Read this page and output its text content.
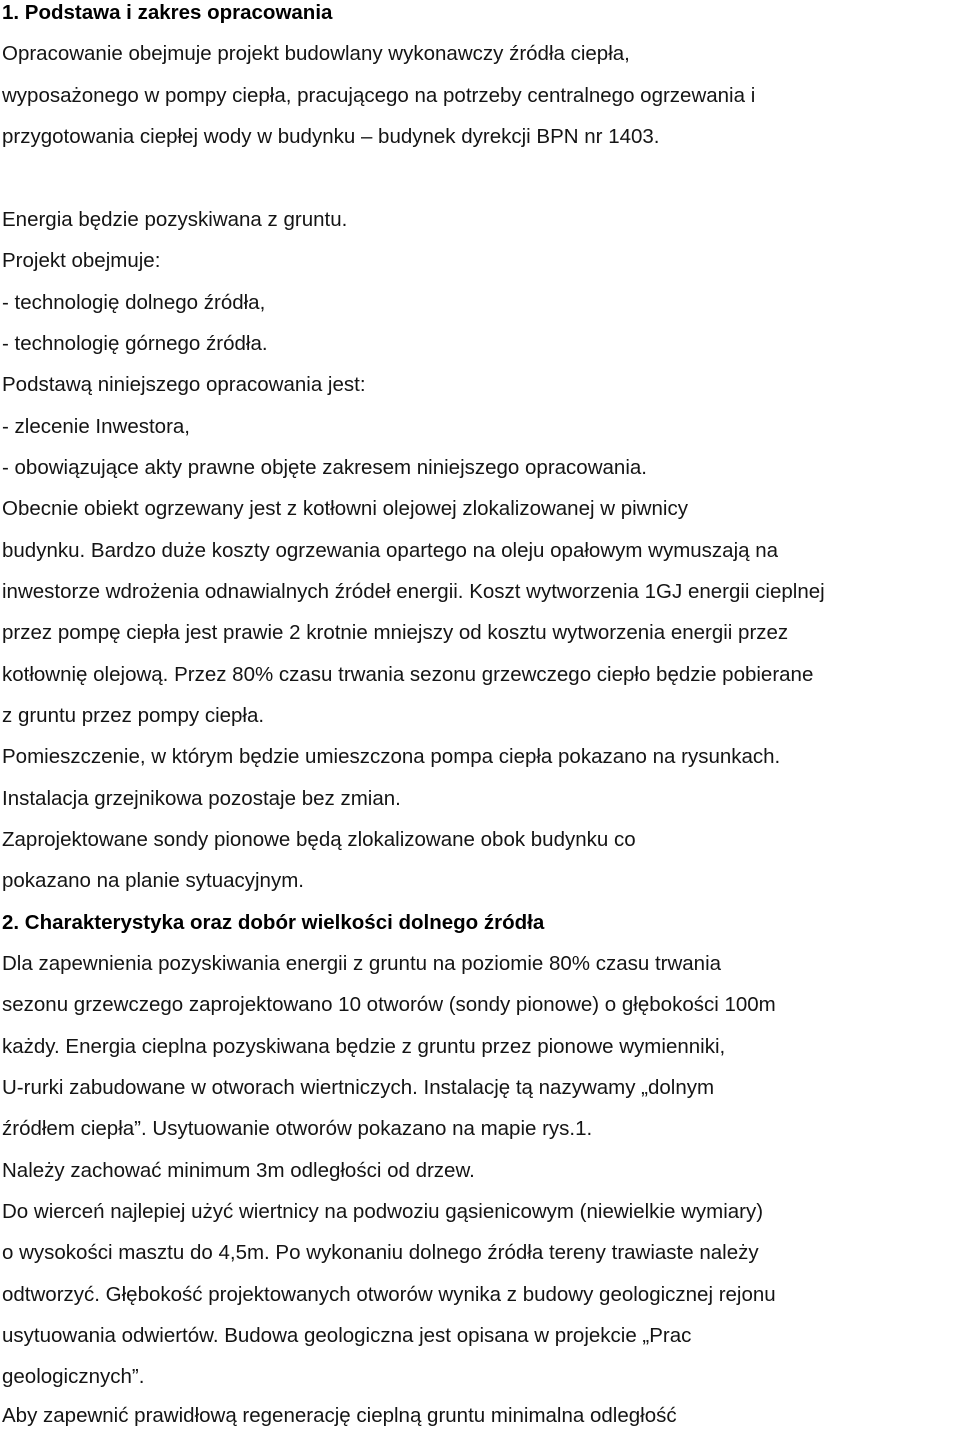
1. Podstawa i zakres opracowania
Opracowanie obejmuje projekt budowlany wykonawczy źródła ciepła,
wyposażonego w pompy ciepła, pracującego na potrzeby centralnego ogrzewania i
przygotowania ciepłej wody w budynku – budynek dyrekcji BPN nr 1403.
Energia będzie pozyskiwana z gruntu.
Projekt obejmuje:
- technologię dolnego źródła,
- technologię górnego źródła.
Podstawą niniejszego opracowania jest:
- zlecenie Inwestora,
- obowiązujące akty prawne objęte zakresem niniejszego opracowania.
Obecnie obiekt ogrzewany jest z kotłowni olejowej zlokalizowanej w piwnicy
budynku. Bardzo duże koszty ogrzewania opartego na oleju opałowym wymuszają na
inwestorze wdrożenia odnawialnych źródeł energii. Koszt wytworzenia 1GJ energii cieplnej
przez pompę ciepła jest prawie 2 krotnie mniejszy od kosztu wytworzenia energii przez
kotłownię olejową. Przez 80% czasu trwania sezonu grzewczego ciepło będzie pobierane
z gruntu przez pompy ciepła.
Pomieszczenie, w którym będzie umieszczona pompa ciepła pokazano na rysunkach.
Instalacja grzejnikowa pozostaje bez zmian.
Zaprojektowane sondy pionowe będą zlokalizowane obok budynku co
pokazano na planie sytuacyjnym.
2. Charakterystyka oraz dobór wielkości dolnego źródła
Dla zapewnienia pozyskiwania energii z gruntu na poziomie 80% czasu trwania
sezonu grzewczego zaprojektowano 10 otworów (sondy pionowe) o głębokości 100m
każdy. Energia cieplna pozyskiwana będzie z gruntu przez pionowe wymienniki,
U-rurki zabudowane w otworach wiertniczych. Instalację tą nazywamy „dolnym
źródłem ciepła”. Usytuowanie otworów pokazano na mapie rys.1.
Należy zachować minimum 3m odległości od drzew.
Do wierceń najlepiej użyć wiertnicy na podwoziu gąsienicowym (niewielkie wymiary)
o wysokości masztu do 4,5m. Po wykonaniu dolnego źródła tereny trawiaste należy
odtworzyć. Głębokość projektowanych otworów wynika z budowy geologicznej rejonu
usytuowania odwiertów. Budowa geologiczna jest opisana w projekcie „Prac
geologicznych”.
Aby zapewnić prawidłową regenerację cieplną gruntu minimalna odległość
